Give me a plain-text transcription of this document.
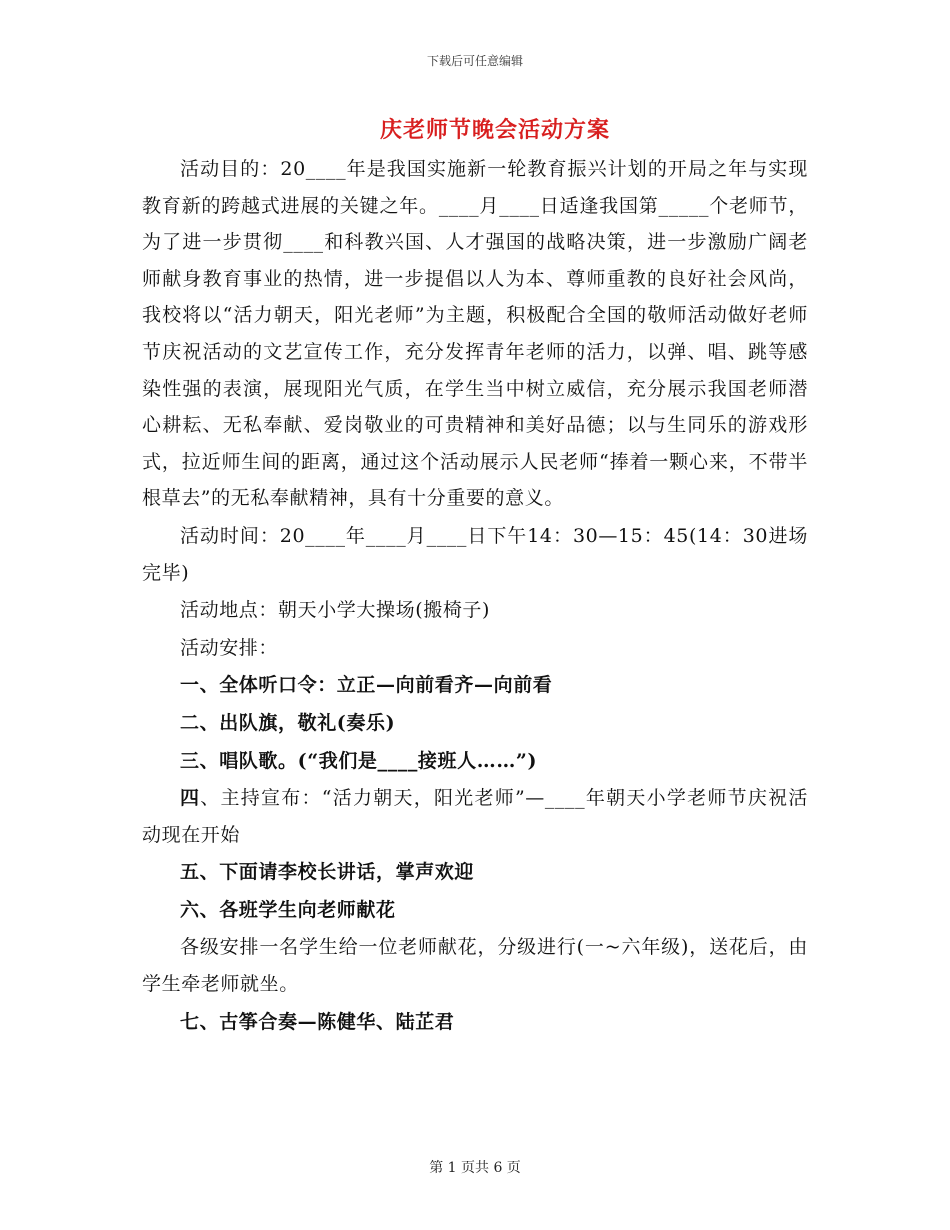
下载后可任意编辑
庆老师节晚会活动方案

活动目的：20____年是我国实施新一轮教育振兴计划的开局之年与实现教育新的跨越式进展的关键之年。____月____日适逢我国第_____个老师节，为了进一步贯彻____和科教兴国、人才强国的战略决策，进一步激励广阔老师献身教育事业的热情，进一步提倡以人为本、尊师重教的良好社会风尚，我校将以“活力朝天，阳光老师”为主题，积极配合全国的敬师活动做好老师节庆祝活动的文艺宣传工作，充分发挥青年老师的活力，以弹、唱、跳等感染性强的表演，展现阳光气质，在学生当中树立威信，充分展示我国老师潜心耕耘、无私奉献、爱岗敬业的可贵精神和美好品德；以与生同乐的游戏形式，拉近师生间的距离，通过这个活动展示人民老师“捧着一颗心来，不带半根草去”的无私奉献精神，具有十分重要的意义。

活动时间：20____年____月____日下午14：30—15：45(14：30进场完毕)

活动地点：朝天小学大操场(搬椅子)

活动安排：

一、全体听口令：立正—向前看齐—向前看

二、出队旗，敬礼(奏乐)

三、唱队歌。(“我们是____接班人……”)

四、主持宣布：“活力朝天，阳光老师”—____年朝天小学老师节庆祝活动现在开始

五、下面请李校长讲话，掌声欢迎

六、各班学生向老师献花

各级安排一名学生给一位老师献花，分级进行(一~六年级)，送花后，由学生牵老师就坐。

七、古筝合奏—陈健华、陆芷君

第 1 页共 6 页
